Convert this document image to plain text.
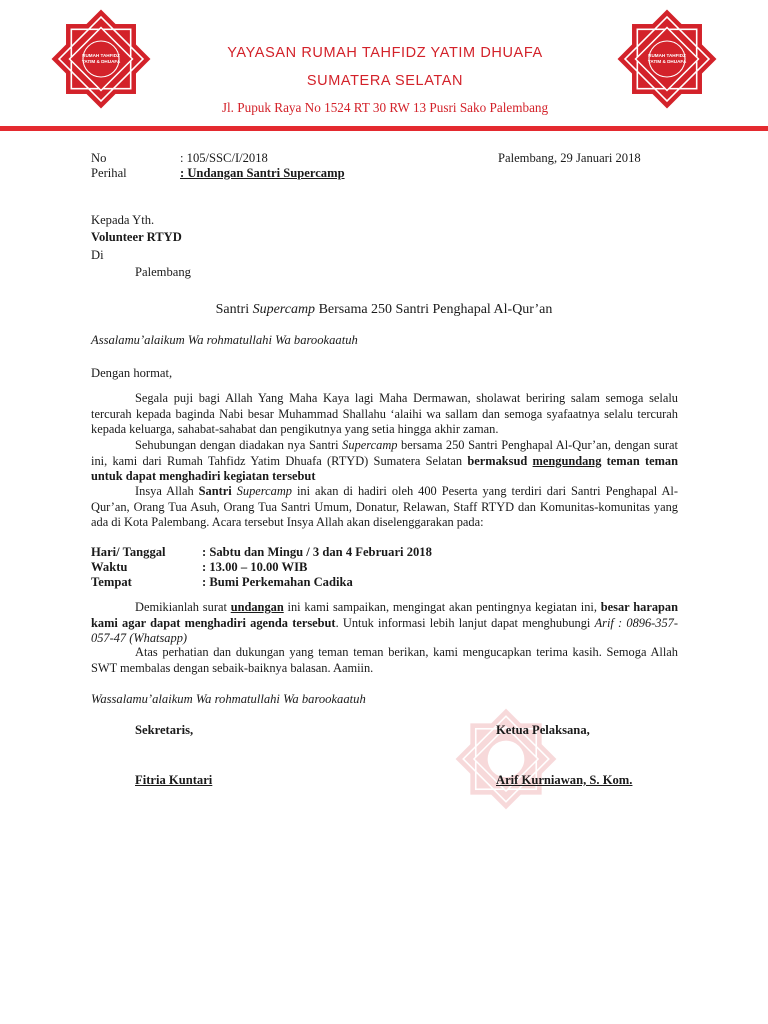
RUMAH TAHFIDZ
YATIM & DHUAFA
RUMAH TAHFIDZ
YATIM & DHUAFA
YAYASAN RUMAH TAHFIDZ YATIM DHUAFA
SUMATERA SELATAN
Jl. Pupuk Raya No 1524 RT 30 RW 13 Pusri Sako Palembang
No	: 105/SSC/I/2018	Palembang, 29 Januari 2018
Perihal	: Undangan Santri Supercamp
Kepada Yth.
Volunteer RTYD
Di
Palembang
Santri Supercamp Bersama 250 Santri Penghapal Al-Qur’an
Assalamu’alaikum Wa rohmatullahi Wa barookaatuh
Dengan hormat,
Segala puji bagi Allah Yang Maha Kaya lagi Maha Dermawan, sholawat beriring salam semoga selalu tercurah kepada baginda Nabi besar Muhammad Shallahu ‘alaihi wa sallam dan semoga syafaatnya selalu tercurah kepada keluarga, sahabat-sahabat dan pengikutnya yang setia hingga akhir zaman.
Sehubungan dengan diadakan nya Santri Supercamp bersama 250 Santri Penghapal Al-Qur’an, dengan surat ini, kami dari Rumah Tahfidz Yatim Dhuafa (RTYD) Sumatera Selatan bermaksud mengundang teman teman untuk dapat menghadiri kegiatan tersebut
Insya Allah Santri Supercamp ini akan di hadiri oleh 400 Peserta yang terdiri dari Santri Penghapal Al-Qur’an, Orang Tua Asuh, Orang Tua Santri Umum, Donatur, Relawan, Staff RTYD dan Komunitas-komunitas yang ada di Kota Palembang. Acara tersebut Insya Allah akan diselenggarakan pada:
Hari/ Tanggal	: Sabtu dan Mingu / 3 dan 4 Februari 2018
Waktu	: 13.00 – 10.00 WIB
Tempat	: Bumi Perkemahan Cadika
Demikianlah surat undangan ini kami sampaikan, mengingat akan pentingnya kegiatan ini, besar harapan kami agar dapat menghadiri agenda tersebut. Untuk informasi lebih lanjut dapat menghubungi Arif : 0896-357-057-47 (Whatsapp)
Atas perhatian dan dukungan yang teman teman berikan, kami mengucapkan terima kasih. Semoga Allah SWT membalas dengan sebaik-baiknya balasan. Aamiin.
Wassalamu’alaikum Wa rohmatullahi Wa barookaatuh
Sekretaris,	Ketua Pelaksana,
Fitria Kuntari	Arif Kurniawan, S. Kom.
